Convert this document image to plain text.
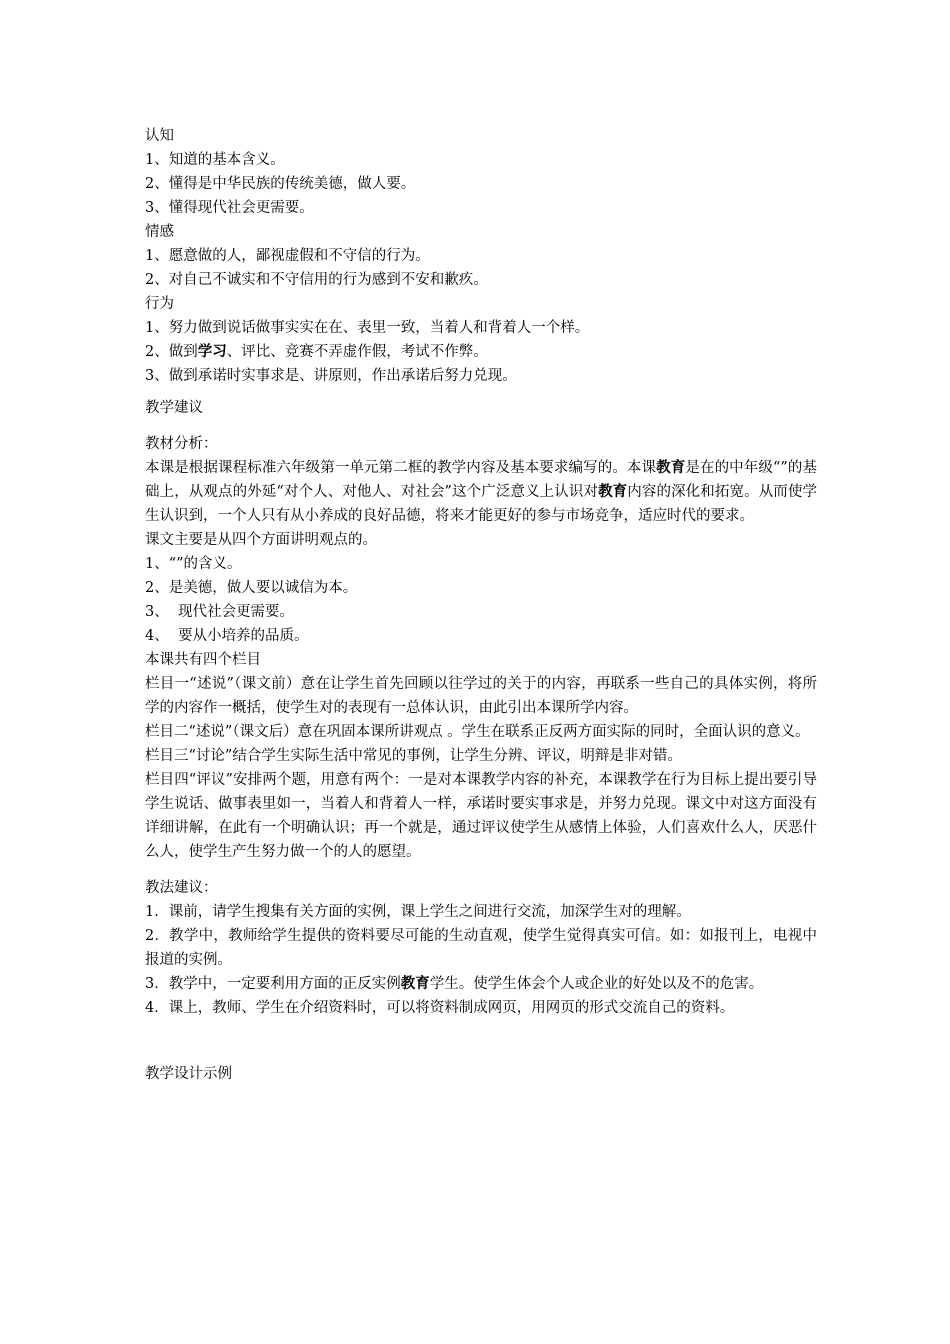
认知
1、知道的基本含义。
2、懂得是中华民族的传统美德，做人要。
3、懂得现代社会更需要。
情感
1、愿意做的人，鄙视虚假和不守信的行为。
2、对自己不诚实和不守信用的行为感到不安和歉疚。
行为
1、努力做到说话做事实实在在、表里一致，当着人和背着人一个样。
2、做到学习、评比、竞赛不弄虚作假，考试不作弊。
3、做到承诺时实事求是、讲原则，作出承诺后努力兑现。
教学建议
教材分析：
本课是根据课程标准六年级第一单元第二框的教学内容及基本要求编写的。本课教育是在的中年级“”的基础上，从观点的外延“对个人、对他人、对社会”这个广泛意义上认识对教育内容的深化和拓宽。从而使学生认识到，一个人只有从小养成的良好品德，将来才能更好的参与市场竞争，适应时代的要求。
课文主要是从四个方面讲明观点的。
1、“”的含义。
2、是美德，做人要以诚信为本。
3、  现代社会更需要。
4、  要从小培养的品质。
本课共有四个栏目
栏目一“述说”（课文前）意在让学生首先回顾以往学过的关于的内容，再联系一些自己的具体实例，将所学的内容作一概括，使学生对的表现有一总体认识，由此引出本课所学内容。
栏目二“述说”（课文后）意在巩固本课所讲观点 。学生在联系正反两方面实际的同时，全面认识的意义。
栏目三“讨论”结合学生实际生活中常见的事例，让学生分辨、评议，明辩是非对错。
栏目四“评议”安排两个题，用意有两个：一是对本课教学内容的补充，本课教学在行为目标上提出要引导学生说话、做事表里如一，当着人和背着人一样，承诺时要实事求是，并努力兑现。课文中对这方面没有详细讲解，在此有一个明确认识；再一个就是，通过评议使学生从感情上体验，人们喜欢什么人，厌恶什么人，使学生产生努力做一个的人的愿望。
教法建议：
1．课前，请学生搜集有关方面的实例，课上学生之间进行交流，加深学生对的理解。
2．教学中，教师给学生提供的资料要尽可能的生动直观，使学生觉得真实可信。如：如报刊上，电视中报道的实例。
3．教学中，一定要利用方面的正反实例教育学生。使学生体会个人或企业的好处以及不的危害。
4．课上，教师、学生在介绍资料时，可以将资料制成网页，用网页的形式交流自己的资料。
教学设计示例
